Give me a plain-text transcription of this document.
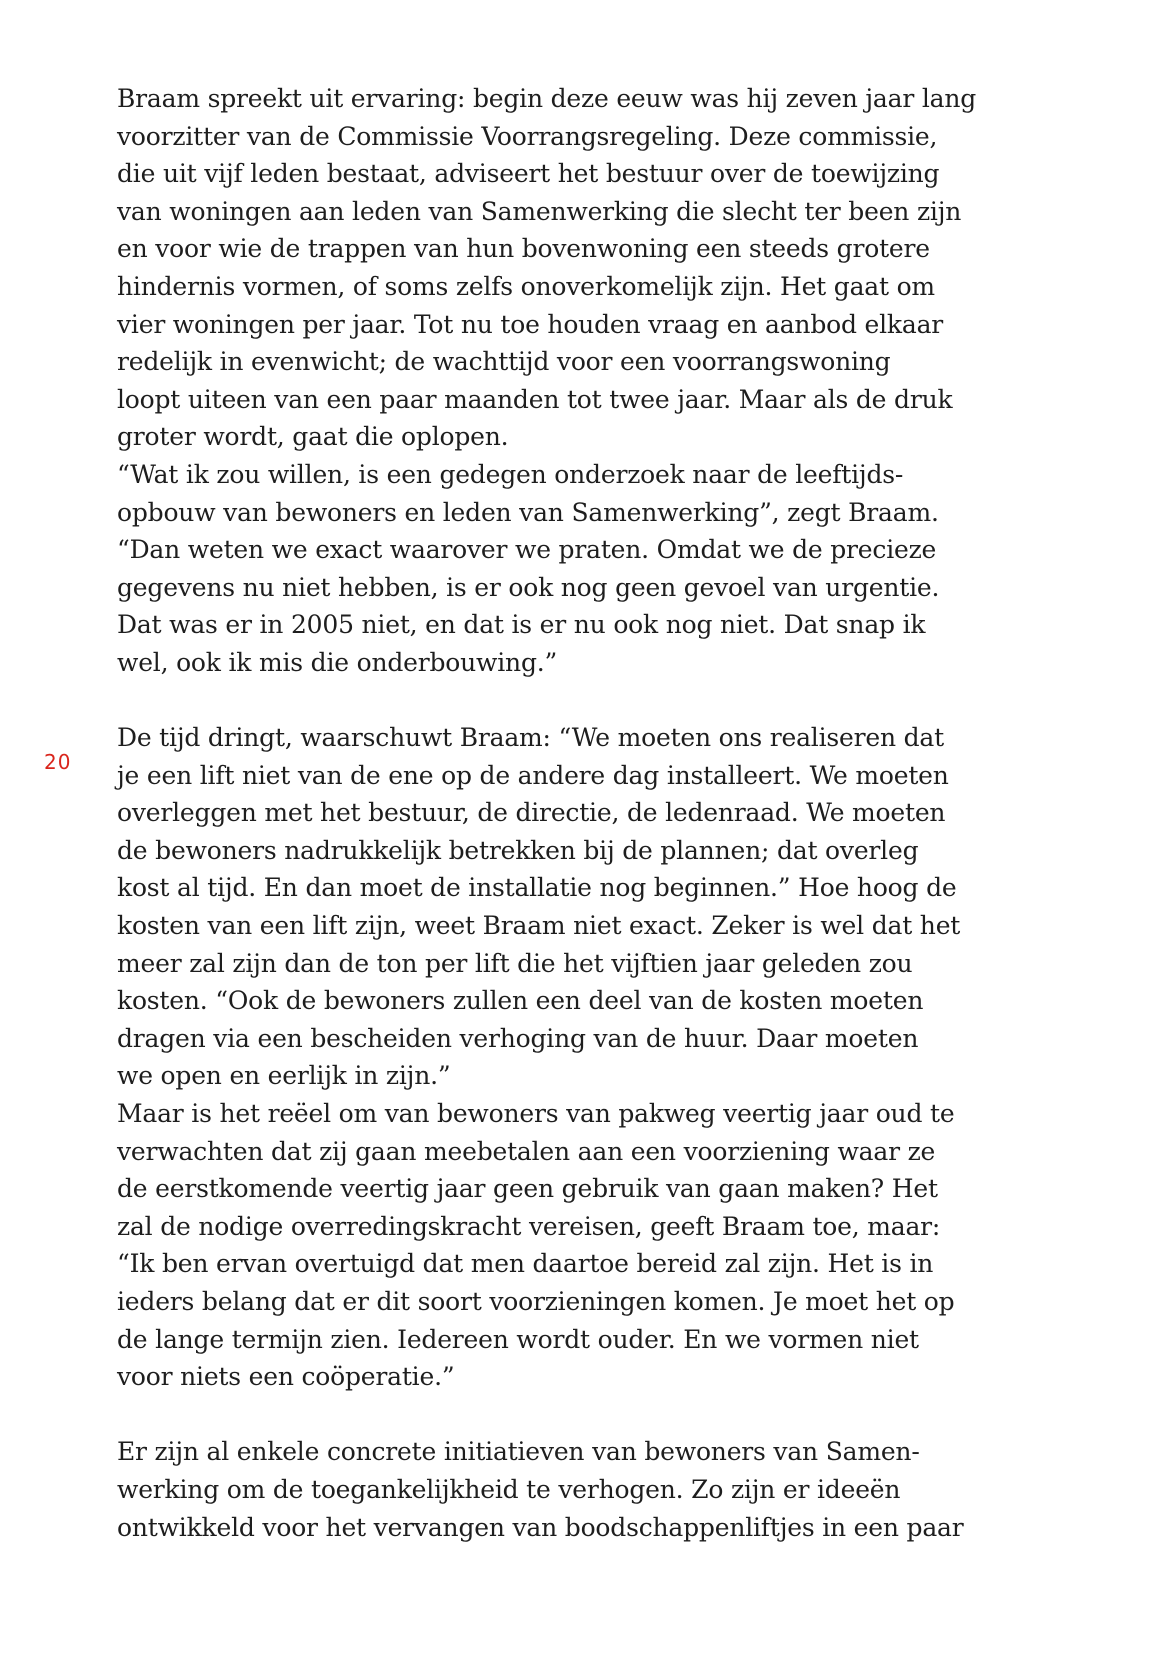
20
Braam spreekt uit ervaring: begin deze eeuw was hij zeven jaar lang
voorzitter van de Commissie Voorrangsregeling. Deze commissie,
die uit vijf leden bestaat, adviseert het bestuur over de toewijzing
van woningen aan leden van Samenwerking die slecht ter been zijn
en voor wie de trappen van hun bovenwoning een steeds grotere
hindernis vormen, of soms zelfs onoverkomelijk zijn. Het gaat om
vier woningen per jaar. Tot nu toe houden vraag en aanbod elkaar
redelijk in evenwicht; de wachttijd voor een voorrangswoning
loopt uiteen van een paar maanden tot twee jaar. Maar als de druk
groter wordt, gaat die oplopen.
“Wat ik zou willen, is een gedegen onderzoek naar de leeftijds-
opbouw van bewoners en leden van Samenwerking”, zegt Braam.
“Dan weten we exact waarover we praten. Omdat we de precieze
gegevens nu niet hebben, is er ook nog geen gevoel van urgentie.
Dat was er in 2005 niet, en dat is er nu ook nog niet. Dat snap ik
wel, ook ik mis die onderbouwing.”
De tijd dringt, waarschuwt Braam: “We moeten ons realiseren dat
je een lift niet van de ene op de andere dag installeert. We moeten
overleggen met het bestuur, de directie, de ledenraad. We moeten
de bewoners nadrukkelijk betrekken bij de plannen; dat overleg
kost al tijd. En dan moet de installatie nog beginnen.” Hoe hoog de
kosten van een lift zijn, weet Braam niet exact. Zeker is wel dat het
meer zal zijn dan de ton per lift die het vijftien jaar geleden zou
kosten. “Ook de bewoners zullen een deel van de kosten moeten
dragen via een bescheiden verhoging van de huur. Daar moeten
we open en eerlijk in zijn.”
Maar is het reëel om van bewoners van pakweg veertig jaar oud te
verwachten dat zij gaan meebetalen aan een voorziening waar ze
de eerstkomende veertig jaar geen gebruik van gaan maken? Het
zal de nodige overredingskracht vereisen, geeft Braam toe, maar:
“Ik ben ervan overtuigd dat men daartoe bereid zal zijn. Het is in
ieders belang dat er dit soort voorzieningen komen. Je moet het op
de lange termijn zien. Iedereen wordt ouder. En we vormen niet
voor niets een coöperatie.”
Er zijn al enkele concrete initiatieven van bewoners van Samen-
werking om de toegankelijkheid te verhogen. Zo zijn er ideeën
ontwikkeld voor het vervangen van boodschappenliftjes in een paar
